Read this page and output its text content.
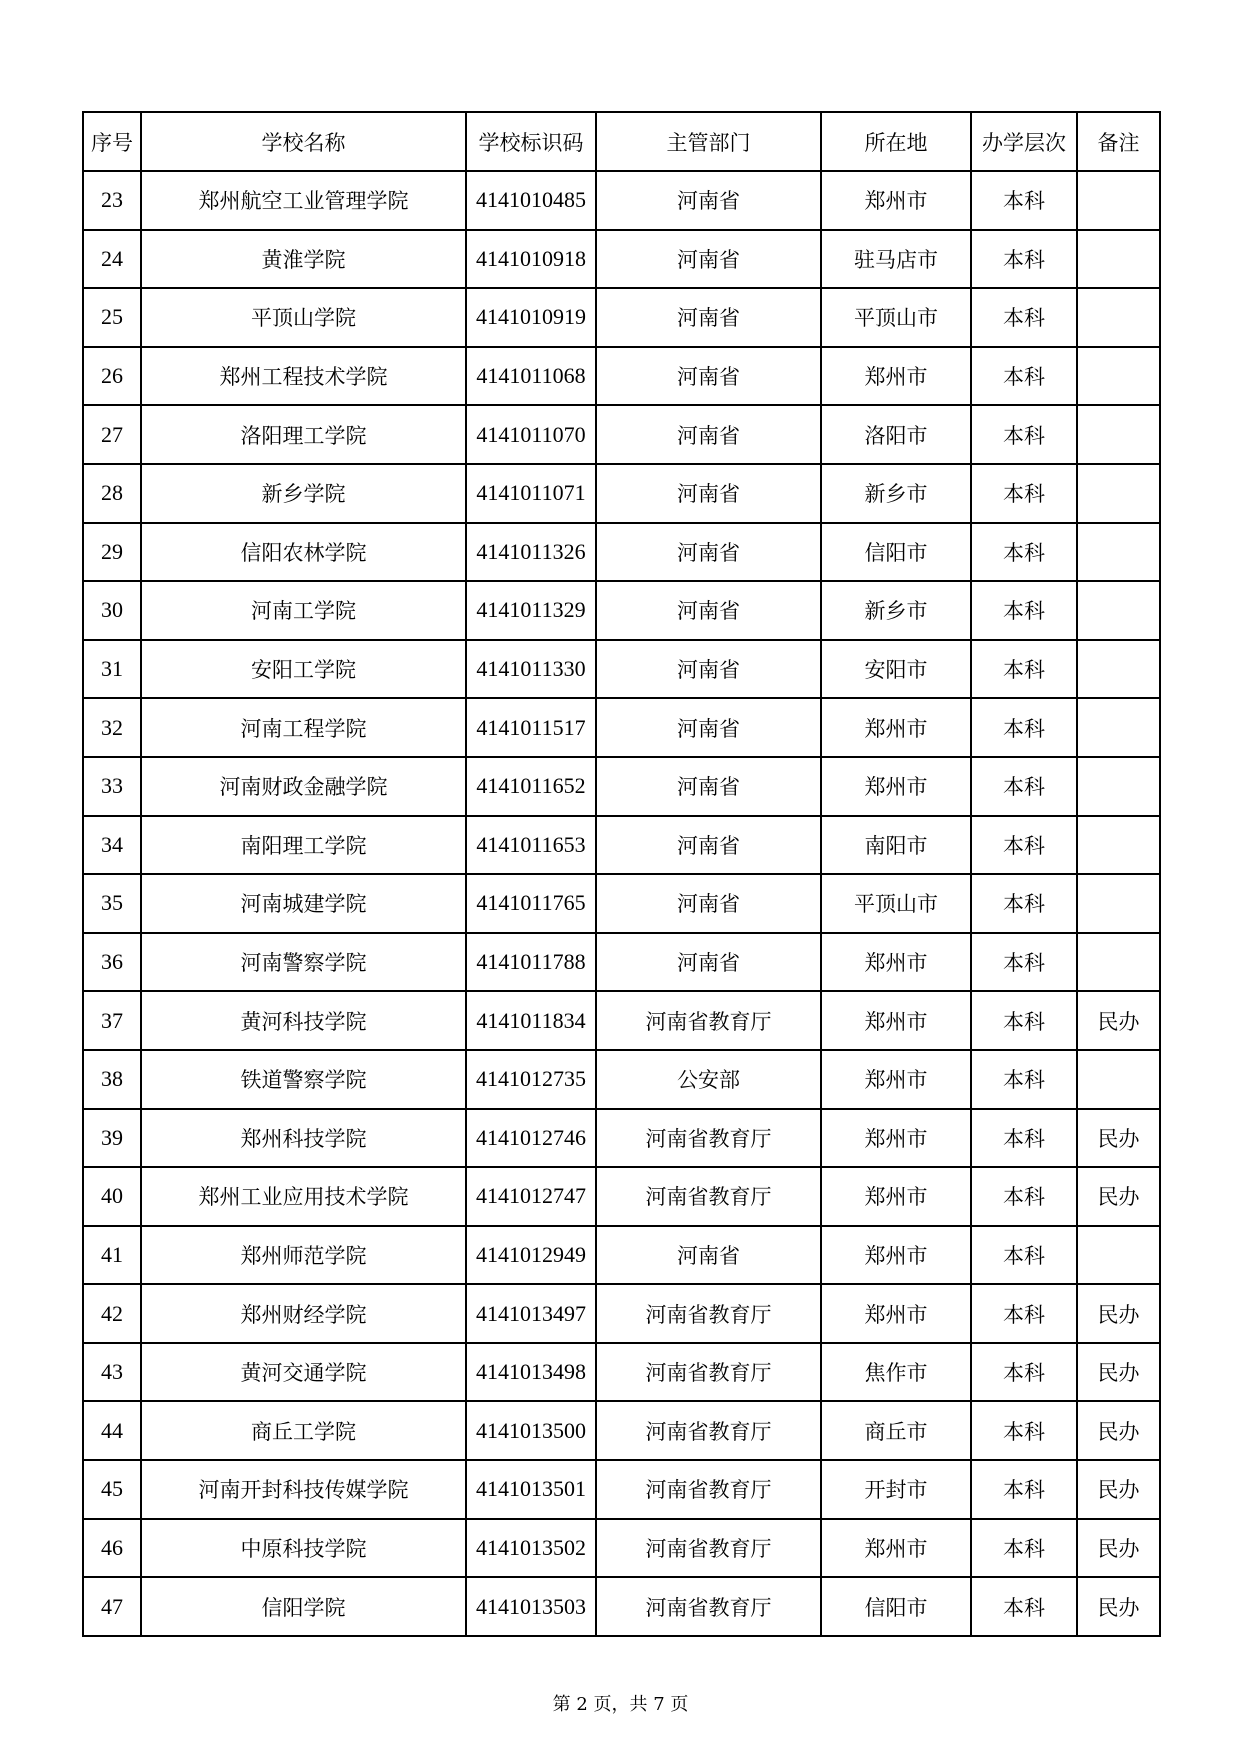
序号	学校名称	学校标识码	主管部门	所在地	办学层次	备注
23	郑州航空工业管理学院	4141010485	河南省	郑州市	本科	
24	黄淮学院	4141010918	河南省	驻马店市	本科	
25	平顶山学院	4141010919	河南省	平顶山市	本科	
26	郑州工程技术学院	4141011068	河南省	郑州市	本科	
27	洛阳理工学院	4141011070	河南省	洛阳市	本科	
28	新乡学院	4141011071	河南省	新乡市	本科	
29	信阳农林学院	4141011326	河南省	信阳市	本科	
30	河南工学院	4141011329	河南省	新乡市	本科	
31	安阳工学院	4141011330	河南省	安阳市	本科	
32	河南工程学院	4141011517	河南省	郑州市	本科	
33	河南财政金融学院	4141011652	河南省	郑州市	本科	
34	南阳理工学院	4141011653	河南省	南阳市	本科	
35	河南城建学院	4141011765	河南省	平顶山市	本科	
36	河南警察学院	4141011788	河南省	郑州市	本科	
37	黄河科技学院	4141011834	河南省教育厅	郑州市	本科	民办
38	铁道警察学院	4141012735	公安部	郑州市	本科	
39	郑州科技学院	4141012746	河南省教育厅	郑州市	本科	民办
40	郑州工业应用技术学院	4141012747	河南省教育厅	郑州市	本科	民办
41	郑州师范学院	4141012949	河南省	郑州市	本科	
42	郑州财经学院	4141013497	河南省教育厅	郑州市	本科	民办
43	黄河交通学院	4141013498	河南省教育厅	焦作市	本科	民办
44	商丘工学院	4141013500	河南省教育厅	商丘市	本科	民办
45	河南开封科技传媒学院	4141013501	河南省教育厅	开封市	本科	民办
46	中原科技学院	4141013502	河南省教育厅	郑州市	本科	民办
47	信阳学院	4141013503	河南省教育厅	信阳市	本科	民办
第 2 页，共 7 页
